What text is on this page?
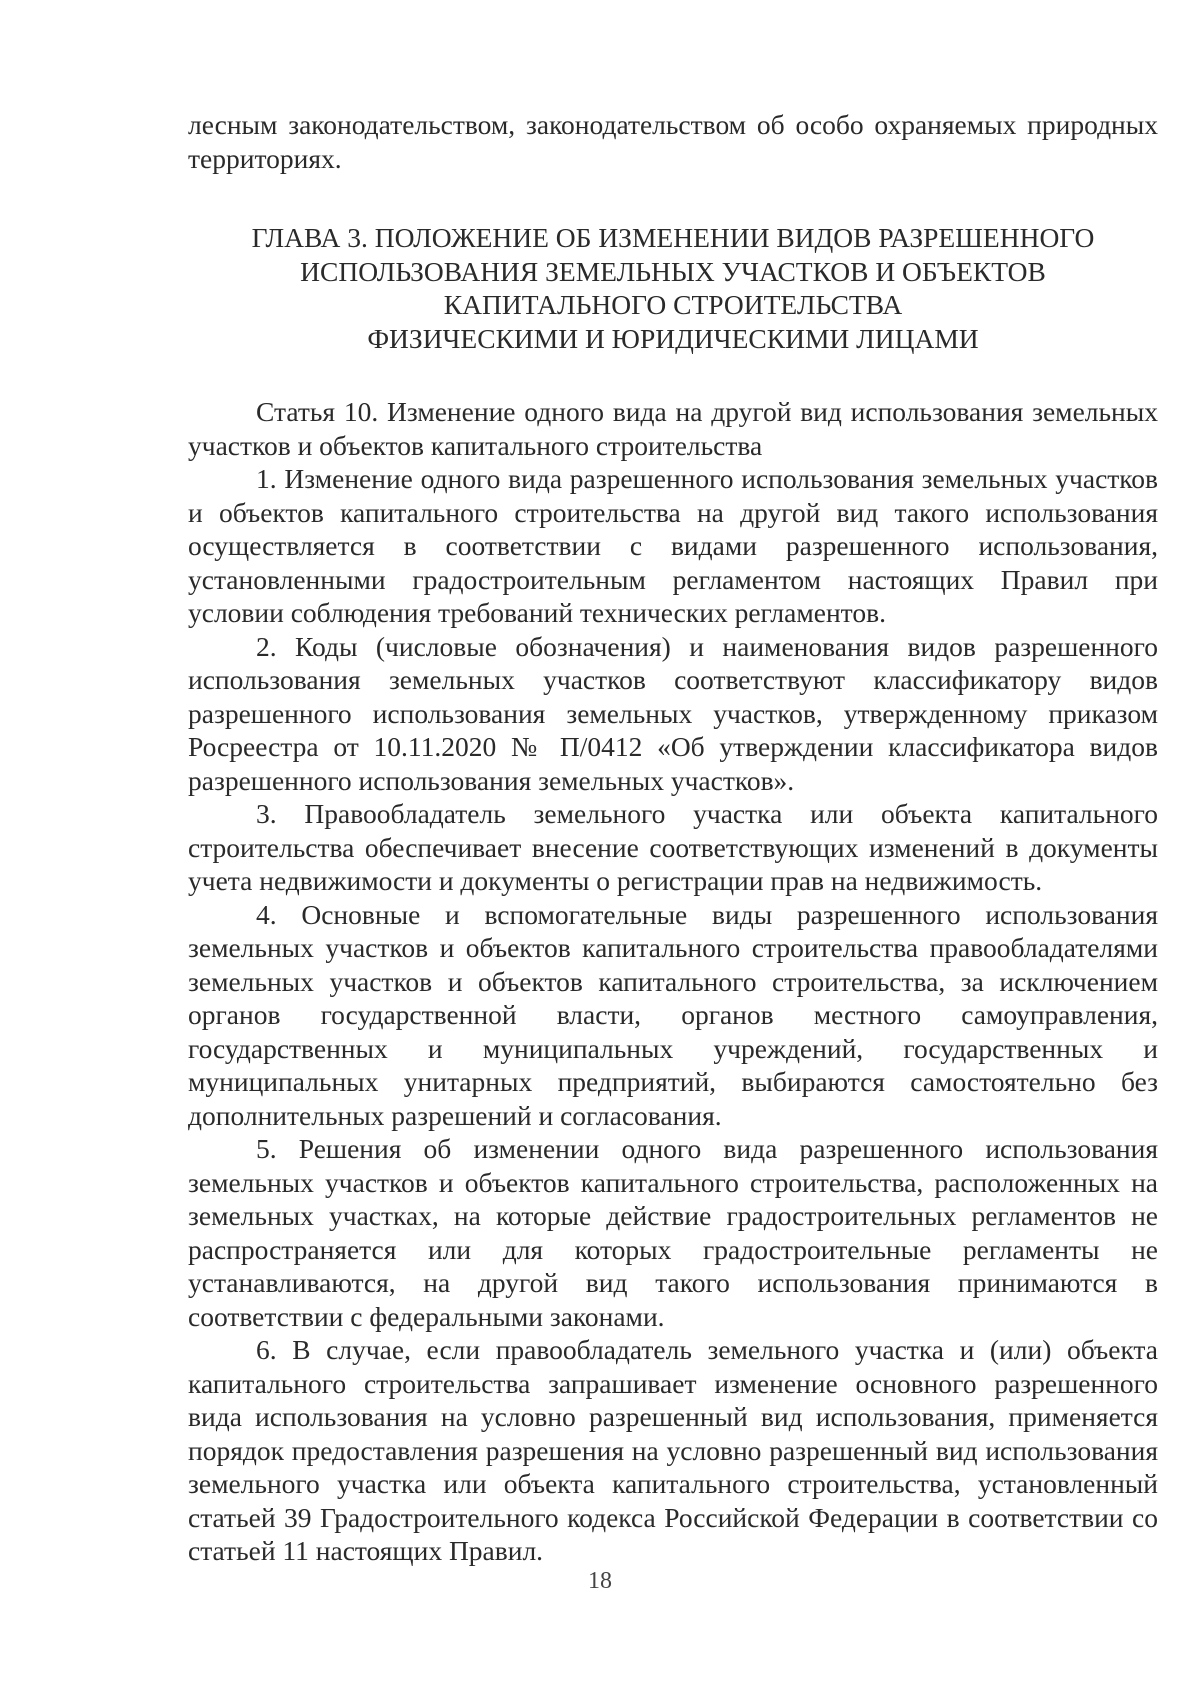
лесным законодательством, законодательством об особо охраняемых природных территориях.

ГЛАВА 3. ПОЛОЖЕНИЕ ОБ ИЗМЕНЕНИИ ВИДОВ РАЗРЕШЕННОГО
ИСПОЛЬЗОВАНИЯ ЗЕМЕЛЬНЫХ УЧАСТКОВ И ОБЪЕКТОВ
КАПИТАЛЬНОГО СТРОИТЕЛЬСТВА
ФИЗИЧЕСКИМИ И ЮРИДИЧЕСКИМИ ЛИЦАМИ

Статья 10. Изменение одного вида на другой вид использования земельных участков и объектов капитального строительства

1. Изменение одного вида разрешенного использования земельных участков и объектов капитального строительства на другой вид такого использования осуществляется в соответствии с видами разрешенного использования, установленными градостроительным регламентом настоящих Правил при условии соблюдения требований технических регламентов.

2. Коды (числовые обозначения) и наименования видов разрешенного использования земельных участков соответствуют классификатору видов разрешенного использования земельных участков, утвержденному приказом Росреестра от 10.11.2020 № П/0412 «Об утверждении классификатора видов разрешенного использования земельных участков».

3. Правообладатель земельного участка или объекта капитального строительства обеспечивает внесение соответствующих изменений в документы учета недвижимости и документы о регистрации прав на недвижимость.

4. Основные и вспомогательные виды разрешенного использования земельных участков и объектов капитального строительства правообладателями земельных участков и объектов капитального строительства, за исключением органов государственной власти, органов местного самоуправления, государственных и муниципальных учреждений, государственных и муниципальных унитарных предприятий, выбираются самостоятельно без дополнительных разрешений и согласования.

5. Решения об изменении одного вида разрешенного использования земельных участков и объектов капитального строительства, расположенных на земельных участках, на которые действие градостроительных регламентов не распространяется или для которых градостроительные регламенты не устанавливаются, на другой вид такого использования принимаются в соответствии с федеральными законами.

6. В случае, если правообладатель земельного участка и (или) объекта капитального строительства запрашивает изменение основного разрешенного вида использования на условно разрешенный вид использования, применяется порядок предоставления разрешения на условно разрешенный вид использования земельного участка или объекта капитального строительства, установленный статьей 39 Градостроительного кодекса Российской Федерации в соответствии со статьей 11 настоящих Правил.

18
